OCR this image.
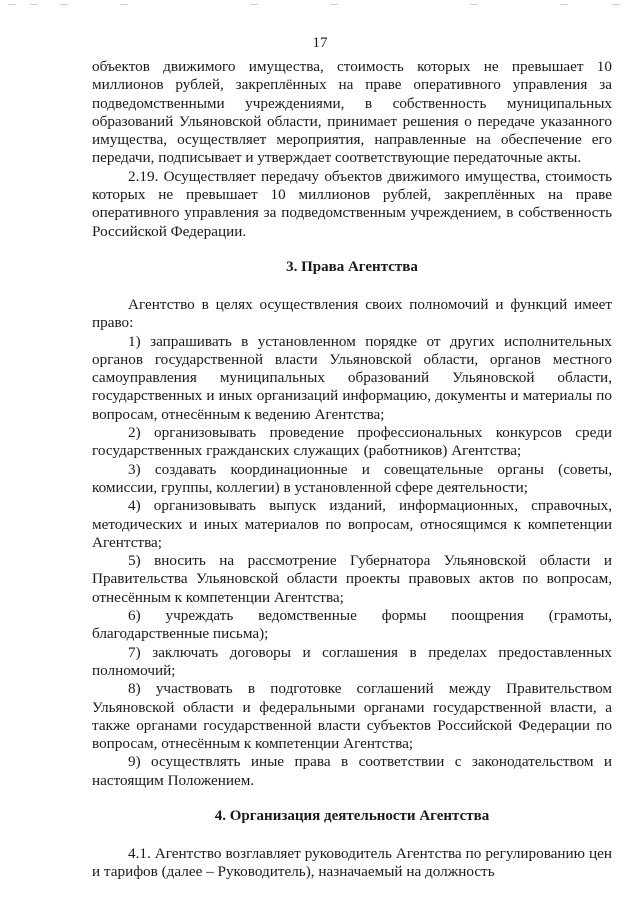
17

объектов движимого имущества, стоимость которых не превышает 10 миллионов рублей, закреплённых на праве оперативного управления за подведомственными учреждениями, в собственность муниципальных образований Ульяновской области, принимает решения о передаче указанного имущества, осуществляет мероприятия, направленные на обеспечение его передачи, подписывает и утверждает соответствующие передаточные акты.

2.19. Осуществляет передачу объектов движимого имущества, стоимость которых не превышает 10 миллионов рублей, закреплённых на праве оперативного управления за подведомственным учреждением, в собственность Российской Федерации.

3. Права Агентства

Агентство в целях осуществления своих полномочий и функций имеет право:

1) запрашивать в установленном порядке от других исполнительных органов государственной власти Ульяновской области, органов местного самоуправления муниципальных образований Ульяновской области, государственных и иных организаций информацию, документы и материалы по вопросам, отнесённым к ведению Агентства;

2) организовывать проведение профессиональных конкурсов среди государственных гражданских служащих (работников) Агентства;

3) создавать координационные и совещательные органы (советы, комиссии, группы, коллегии) в установленной сфере деятельности;

4) организовывать выпуск изданий, информационных, справочных, методических и иных материалов по вопросам, относящимся к компетенции Агентства;

5) вносить на рассмотрение Губернатора Ульяновской области и Правительства Ульяновской области проекты правовых актов по вопросам, отнесённым к компетенции Агентства;

6) учреждать ведомственные формы поощрения (грамоты, благодарственные письма);

7) заключать договоры и соглашения в пределах предоставленных полномочий;

8) участвовать в подготовке соглашений между Правительством Ульяновской области и федеральными органами государственной власти, а также органами государственной власти субъектов Российской Федерации по вопросам, отнесённым к компетенции Агентства;

9) осуществлять иные права в соответствии с законодательством и настоящим Положением.

4. Организация деятельности Агентства

4.1. Агентство возглавляет руководитель Агентства по регулированию цен и тарифов (далее – Руководитель), назначаемый на должность
